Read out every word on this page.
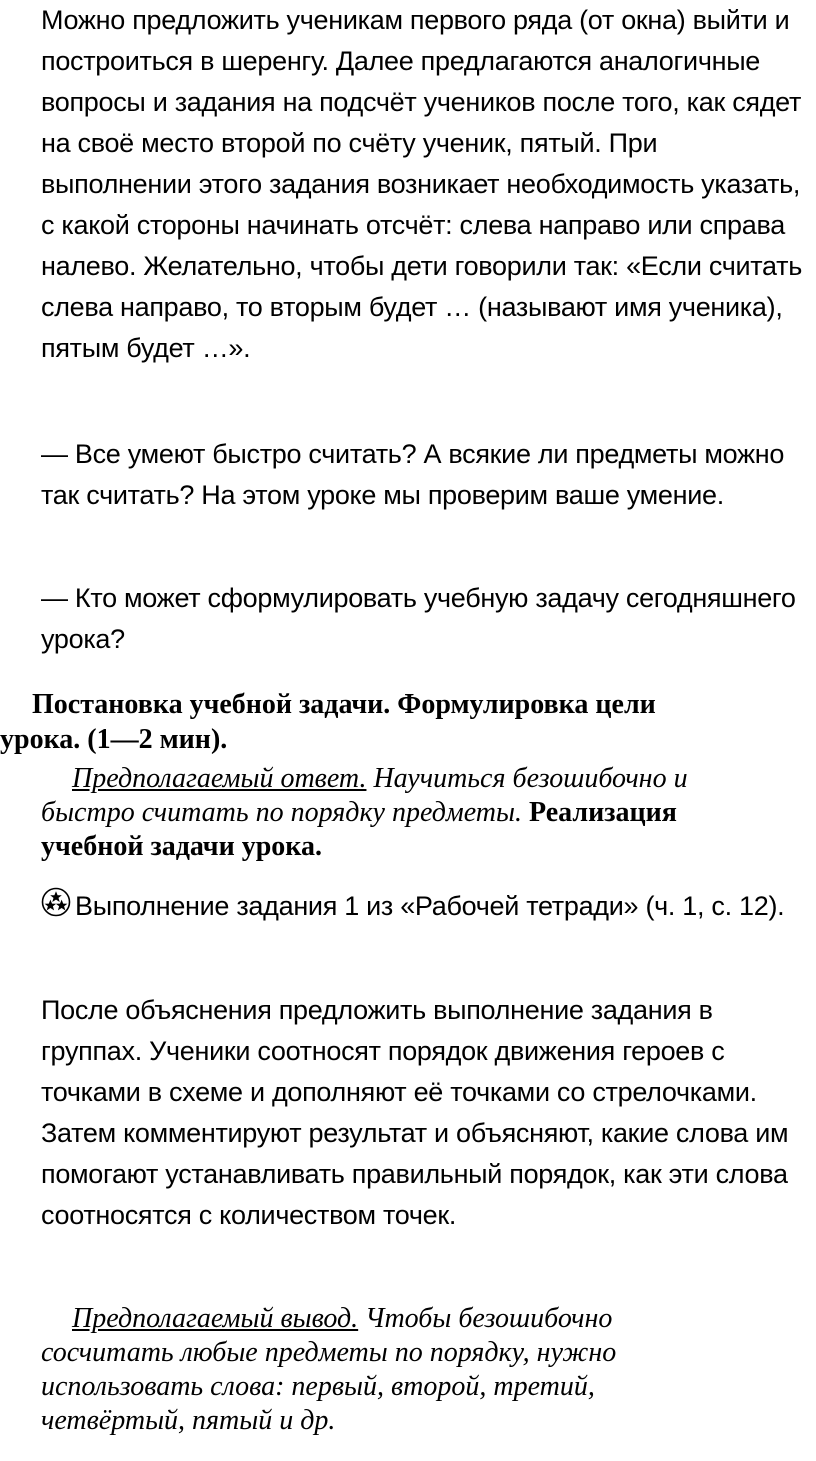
Можно предложить ученикам первого ряда (от окна) выйти и построиться в шеренгу. Далее предлагаются аналогичные вопросы и задания на подсчёт учеников после того, как сядет на своё место второй по счёту ученик, пятый. При выполнении этого задания возникает необходимость указать, с какой стороны начинать отсчёт: слева направо или справа налево. Желательно, чтобы дети говорили так: «Если считать слева направо, то вторым будет … (называют имя ученика), пятым будет …».

— Все умеют быстро считать? А всякие ли предметы можно так считать? На этом уроке мы проверим ваше умение.

— Кто может сформулировать учебную задачу сегодняшнего урока?

Постановка учебной задачи. Формулировка цели
урока. (1—2 мин).

Предполагаемый ответ. Научиться безошибочно и быстро считать по порядку предметы. Реализация учебной задачи урока.

Выполнение задания 1 из «Рабочей тетради» (ч. 1, с. 12).

После объяснения предложить выполнение задания в группах. Ученики соотносят порядок движения героев с точками в схеме и дополняют её точками со стрелочками. Затем комментируют результат и объясняют, какие слова им помогают устанавливать правильный порядок, как эти слова соотносятся с количеством точек.

Предполагаемый вывод. Чтобы безошибочно сосчитать любые предметы по порядку, нужно использовать слова: первый, второй, третий, четвёртый, пятый и др.
